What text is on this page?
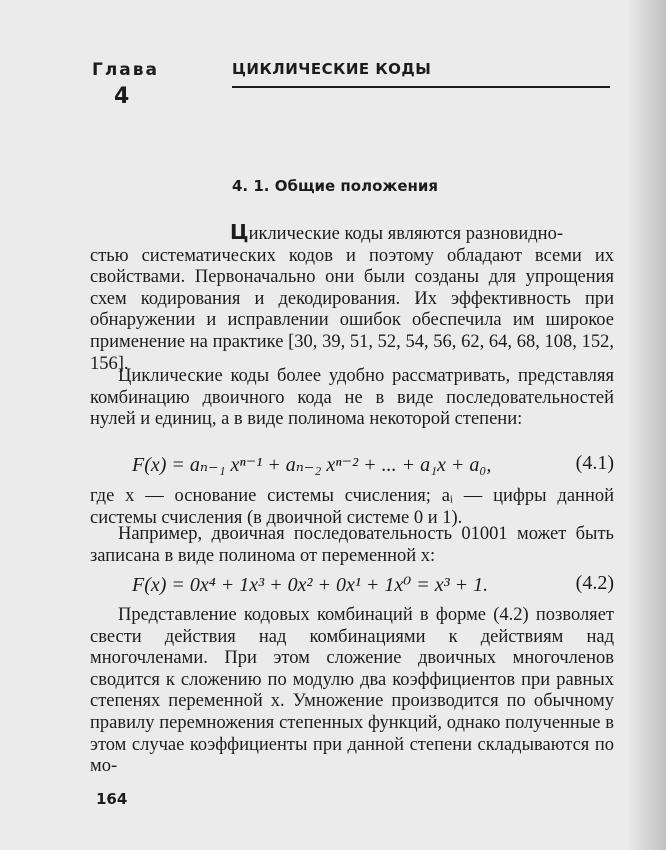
Глава
4
ЦИКЛИЧЕСКИЕ КОДЫ
4. 1. Общие положения

Циклические коды являются разновидно-

стью систематических кодов и поэтому обладают всеми их свойствами. Первоначально они были созданы для упрощения схем кодирования и декодирования. Их эффективность при обнаружении и исправлении ошибок обеспечила им широкое применение на практике [30, 39, 51, 52, 54, 56, 62, 64, 68, 108, 152, 156].

Циклические коды более удобно рассматривать, представляя комбинацию двоичного кода не в виде последовательностей нулей и единиц, а в виде полинома некоторой степени:

F(x) = aₙ₋₁ xⁿ⁻¹ + aₙ₋₂ xⁿ⁻² + ... + a₁x + a₀,	(4.1)

где x — основание системы счисления; aᵢ — цифры данной системы счисления (в двоичной системе 0 и 1).

Например, двоичная последовательность 01001 может быть записана в виде полинома от переменной x:

F(x) = 0x⁴ + 1x³ + 0x² + 0x¹ + 1x⁰ = x³ + 1.	(4.2)

Представление кодовых комбинаций в форме (4.2) позволяет свести действия над комбинациями к действиям над многочленами. При этом сложение двоичных многочленов сводится к сложению по модулю два коэффициентов при равных степенях переменной x. Умножение производится по обычному правилу перемножения степенных функций, однако полученные в этом случае коэффициенты при данной степени складываются по мо-

164
